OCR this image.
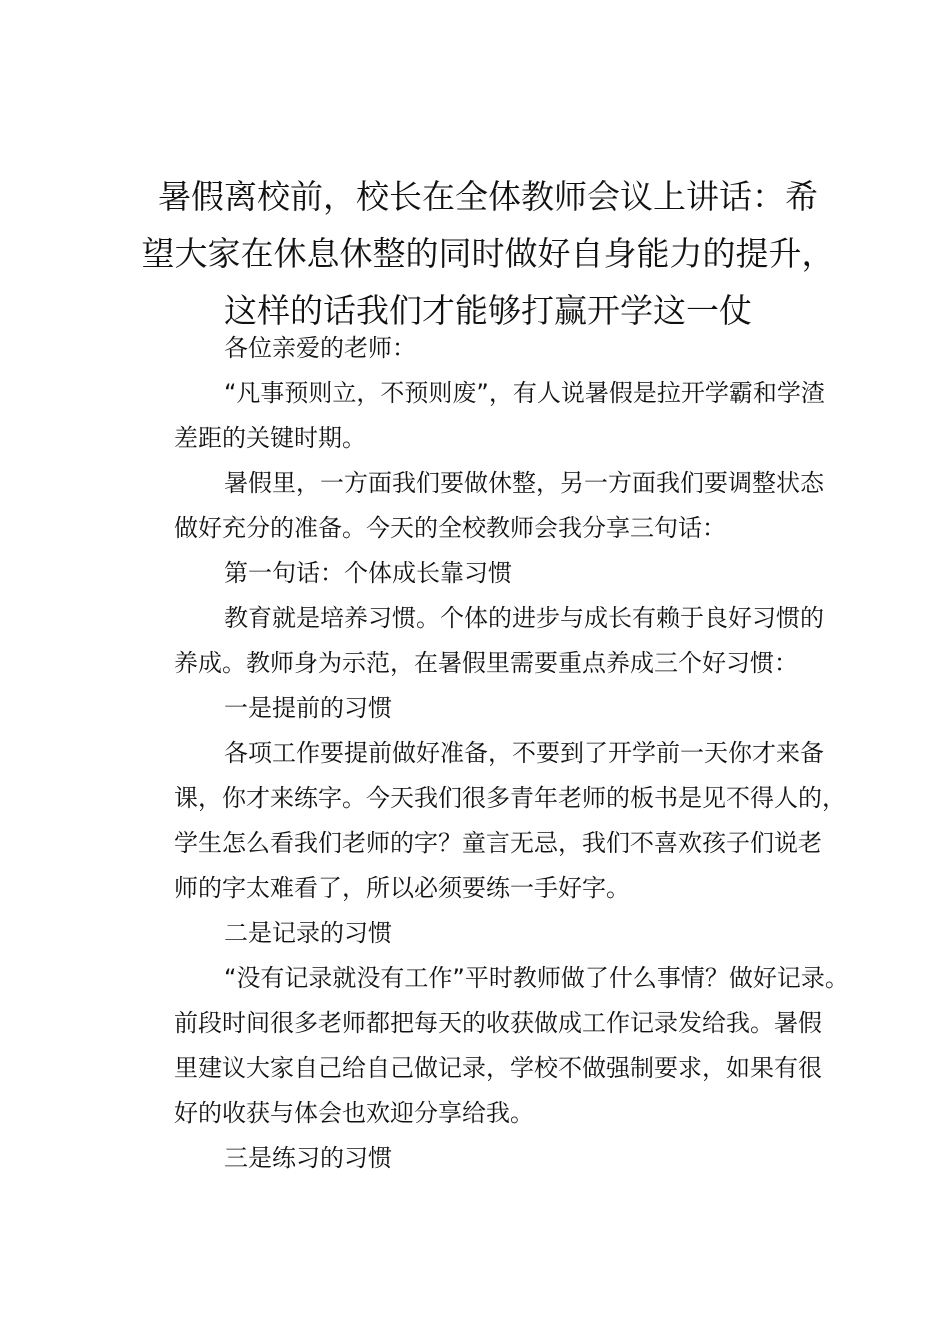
暑假离校前，校长在全体教师会议上讲话：希
望大家在休息休整的同时做好自身能力的提升，
这样的话我们才能够打赢开学这一仗

各位亲爱的老师：

“凡事预则立，不预则废”，有人说暑假是拉开学霸和学渣
差距的关键时期。

暑假里，一方面我们要做休整，另一方面我们要调整状态
做好充分的准备。今天的全校教师会我分享三句话：

第一句话：个体成长靠习惯

教育就是培养习惯。个体的进步与成长有赖于良好习惯的
养成。教师身为示范，在暑假里需要重点养成三个好习惯：

一是提前的习惯

各项工作要提前做好准备，不要到了开学前一天你才来备
课，你才来练字。今天我们很多青年老师的板书是见不得人的，
学生怎么看我们老师的字？童言无忌，我们不喜欢孩子们说老
师的字太难看了，所以必须要练一手好字。

二是记录的习惯

“没有记录就没有工作”平时教师做了什么事情？做好记录。
前段时间很多老师都把每天的收获做成工作记录发给我。暑假
里建议大家自己给自己做记录，学校不做强制要求，如果有很
好的收获与体会也欢迎分享给我。

三是练习的习惯
